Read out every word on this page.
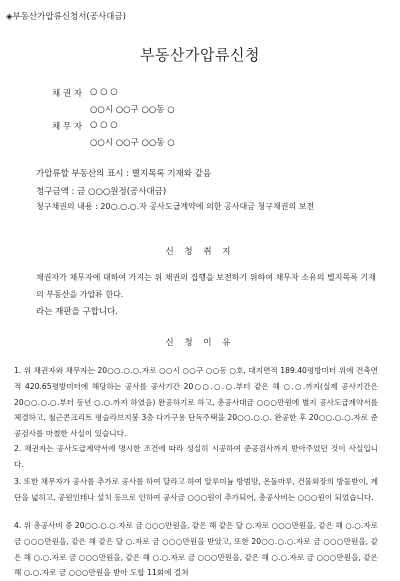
◈부동산가압류신청서(공사대금)
부동산가압류신청
채 권 자 ○ ○ ○
○○시 ○○구 ○○동 ○
채 무 자 ○ ○ ○
○○시 ○○구 ○○동 ○
가압류할 부동산의 표시 : 별지목록 기재와 같음
청구금액 : 금 ○○○원정(공사대금)
청구채권의 내용 : 20○.○.○.자 공사도급계약에 의한 공사대금 청구채권의 보전
신 청 취 지
채권자가 채무자에 대하여 가지는 위 채권의 집행을 보전하기 위하여 채무자 소유의 별지목록 기재의 부동산을 가압류 한다.
라는 재판을 구합니다.
신 청 이 유
1. 위 채권자와 채무자는 20○○.○.○.자로 ○○시 ○○구 ○○동 ○호, 대지면적 189.40평방미터 위에 건축면적 420.65평방미터에 해당하는 공사를 공사기간 20○○.○.○.부터 같은 해 ○.○.까지(실제 공사기간은 20○○.○.○.부터 동년 ○.○.까지 하였음) 완공하기로 하고, 총공사대금 ○○○만원에 별지 공사도급계약서를 체결하고, 철근콘크리트 평슬라브지붕 3층 다가구용 단독주택을 20○○.○.○. 완공한 후 20○○.○.○.자로 준공검사를 마쳤한 사실이 있습니다.
2. 채권자는 공사도급계약서에 명시한 조건에 따라 성실히 시공하여 준공검사까지 받아주었던 것이 사실입니다.
3. 또한 채무자가 공사를 추가로 공사를 하여 달라고 하여 알루미늄 방범망, 온돌마루, 건물외장의 방둘받이, 계단을 넓히고, 공원인테나 설치 등으로 인하여 공사금 ○○○원이 추가되어, 총공사비는 ○○○원이 되었습니다.
4. 위 총공사비 중 20○○.○.○.자로 금 ○○○만원을, 같은 해 같은 달 ○.자로 ○○○만원을, 같은 해 ○.○.자로 금 ○○○만원을, 같은 해 같은 달 ○.자로 금 ○○○만원을 받았고, 또한 20○○.○.○.자로 금 ○○○만원을, 같은 해 ○.○.자로 금 ○○○만원을, 같은 해 ○.○.자로 금 ○○○만원을, 같은 해 ○.○.자로 금 ○○○만원을, 같은 해 ○.○.자로 금 ○○○만원을 받아 도합 11회에 걸쳐
